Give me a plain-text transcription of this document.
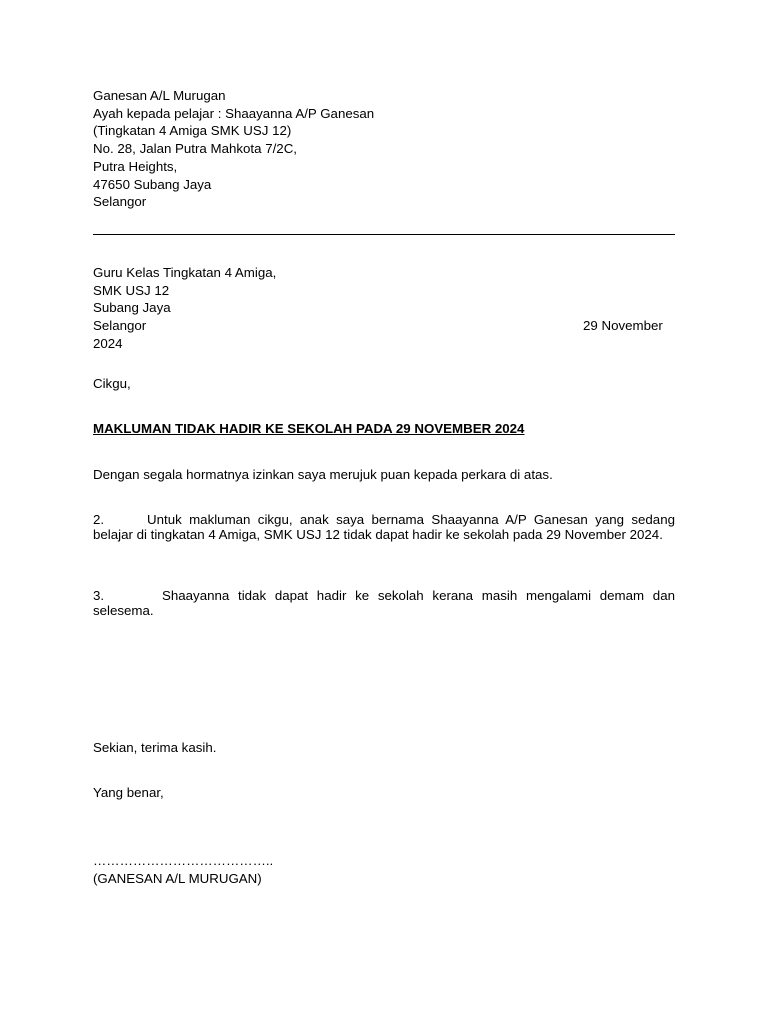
Ganesan A/L Murugan
Ayah kepada pelajar : Shaayanna A/P Ganesan
(Tingkatan 4 Amiga SMK USJ 12)
No. 28, Jalan Putra Mahkota 7/2C,
Putra Heights,
47650 Subang Jaya
Selangor
Guru Kelas Tingkatan 4 Amiga,
SMK USJ 12
Subang Jaya
Selangor
2024
29 November
Cikgu,
MAKLUMAN TIDAK HADIR KE SEKOLAH PADA 29 NOVEMBER 2024
Dengan segala hormatnya izinkan saya merujuk puan kepada perkara di atas.
2.	Untuk makluman cikgu, anak saya bernama Shaayanna A/P Ganesan yang sedang belajar di tingkatan 4 Amiga, SMK USJ 12 tidak dapat hadir ke sekolah pada 29 November 2024.
3.	Shaayanna tidak dapat hadir ke sekolah kerana masih mengalami demam dan selesema.
Sekian, terima kasih.
Yang benar,
…………………………………..
(GANESAN A/L MURUGAN)
